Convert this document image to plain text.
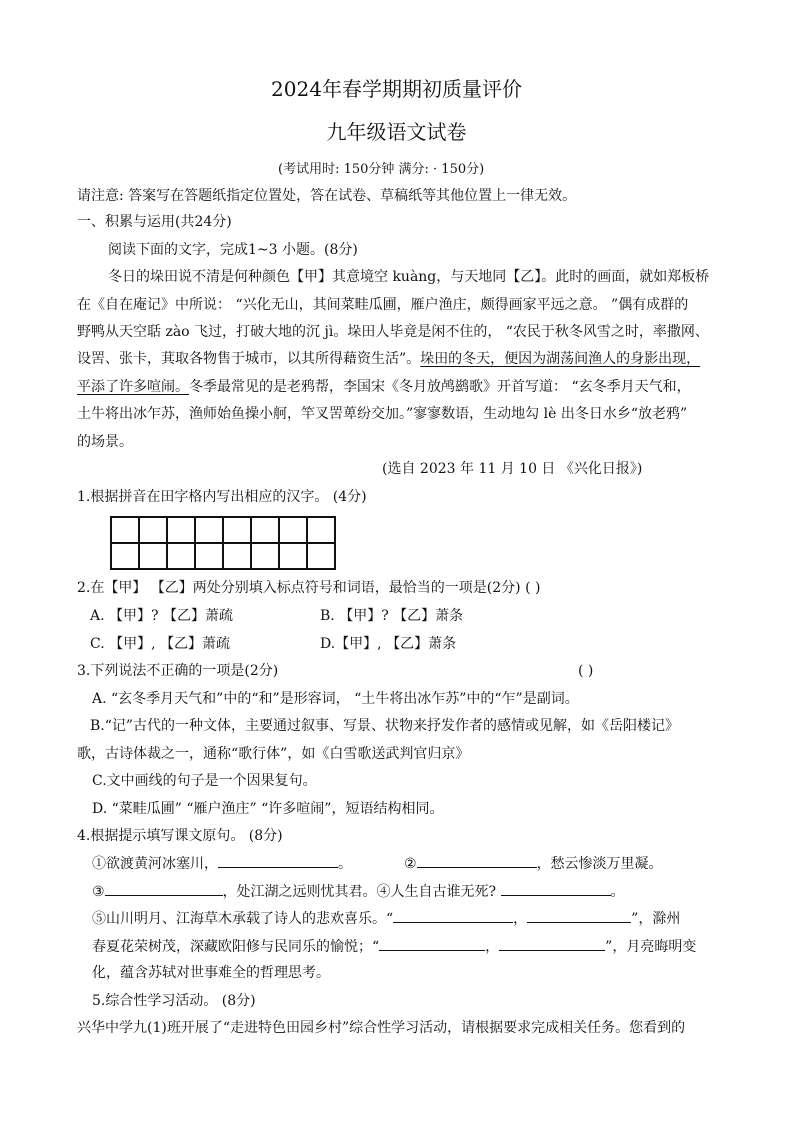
2024年春学期期初质量评价
九年级语文试卷
(考试用时: 150分钟 满分: · 150分)
请注意: 答案写在答题纸指定位置处，答在试卷、草稿纸等其他位置上一律无效。
一、积累与运用(共24分)
阅读下面的文字，完成1~3 小题。(8分)
冬日的垛田说不清是何种颜色【甲】其意境空 kuàng，与天地同【乙】。此时的画面，就如郑板桥
在《自在庵记》中所说： “兴化无山，其间菜畦瓜圃，雁户渔庄，颇得画家平远之意。 ”偶有成群的
野鸭从天空聒 zào 飞过，打破大地的沉 jì。垛田人毕竟是闲不住的， “农民于秋冬风雪之时，率撒网、
设罟、张卡，萁取各物售于城市，以其所得藉资生活”。垛田的冬天，便因为湖荡间渔人的身影出现，
平添了许多喧闹。冬季最常见的是老鸦帮，李国宋《冬月放鸬鹚歌》开首写道： “玄冬季月天气和，
土牛将出冰乍苏，渔师始鱼操小舸，竿叉罟萆纷交加。”寥寥数语，生动地勾 lè 出冬日水乡“放老鸦”
的场景。
(选自 2023 年 11 月 10 日 《兴化日报》)
1.根据拼音在田字格内写出相应的汉字。 (4分)

2.在【甲】 【乙】两处分别填入标点符号和词语，最恰当的一项是(2分) ( )
A. 【甲】? 【乙】萧疏	B. 【甲】? 【乙】萧条
C. 【甲】, 【乙】萧疏	D.【甲】, 【乙】萧条
3.下列说法不正确的一项是(2分)	( )
A. “玄冬季月天气和”中的“和”是形容词， “土牛将出冰乍苏”中的“乍”是副词。
B.“记”古代的一种文体，主要通过叙事、写景、状物来抒发作者的感情或见解，如《岳阳楼记》
歌，古诗体裁之一，通称“歌行体”，如《白雪歌送武判官归京》
C.文中画线的句子是一个因果复句。
D. “菜畦瓜圃” “雁户渔庄” “许多喧闹”，短语结构相同。
4.根据提示填写课文原句。 (8分)
①欲渡黄河冰塞川，	。	②	，愁云惨淡万里凝。
③	，处江湖之远则忧其君。④人生自古谁无死?	。
⑤山川明月、江海草木承载了诗人的悲欢喜乐。“	，	”，滁州
春夏花荣树茂，深藏欧阳修与民同乐的愉悦；“	，	”，月亮晦明变
化，蕴含苏轼对世事难全的哲理思考。
5.综合性学习活动。 (8分)
兴华中学九(1)班开展了“走进特色田园乡村”综合性学习活动，请根据要求完成相关任务。您看到的
